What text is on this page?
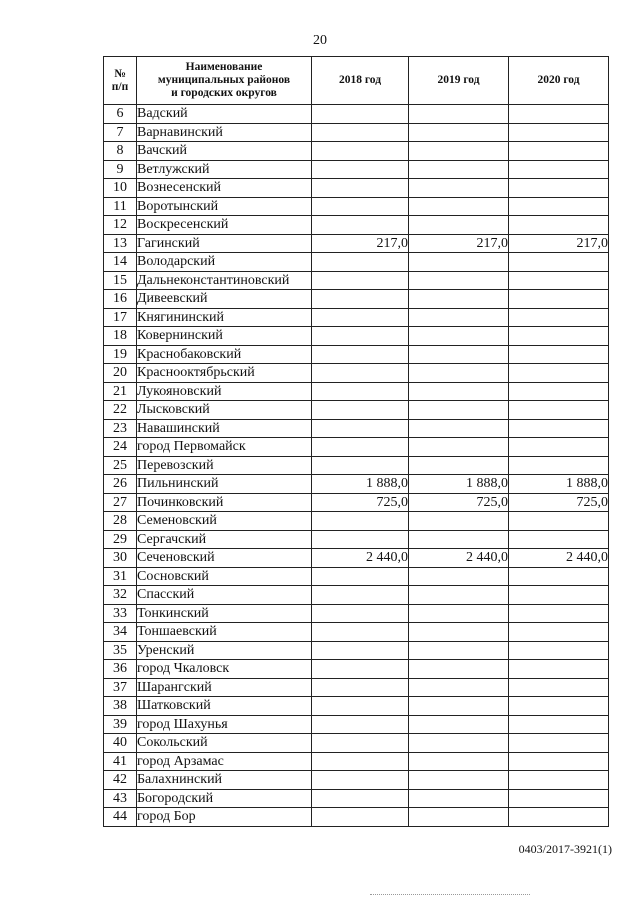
20
№
п/п	Наименование
муниципальных районов
и городских округов	2018 год	2019 год	2020 год
6	Вадский			
7	Варнавинский			
8	Вачский			
9	Ветлужский			
10	Вознесенский			
11	Воротынский			
12	Воскресенский			
13	Гагинский	217,0	217,0	217,0
14	Володарский			
15	Дальнеконстантиновский			
16	Дивеевский			
17	Княгининский			
18	Ковернинский			
19	Краснобаковский			
20	Краснооктябрьский			
21	Лукояновский			
22	Лысковский			
23	Навашинский			
24	город Первомайск			
25	Перевозский			
26	Пильнинский	1 888,0	1 888,0	1 888,0
27	Починковский	725,0	725,0	725,0
28	Семеновский			
29	Сергачский			
30	Сеченовский	2 440,0	2 440,0	2 440,0
31	Сосновский			
32	Спасский			
33	Тонкинский			
34	Тоншаевский			
35	Уренский			
36	город Чкаловск			
37	Шарангский			
38	Шатковский			
39	город Шахунья			
40	Сокольский			
41	город Арзамас			
42	Балахнинский			
43	Богородский			
44	город Бор			
0403/2017-3921(1)
